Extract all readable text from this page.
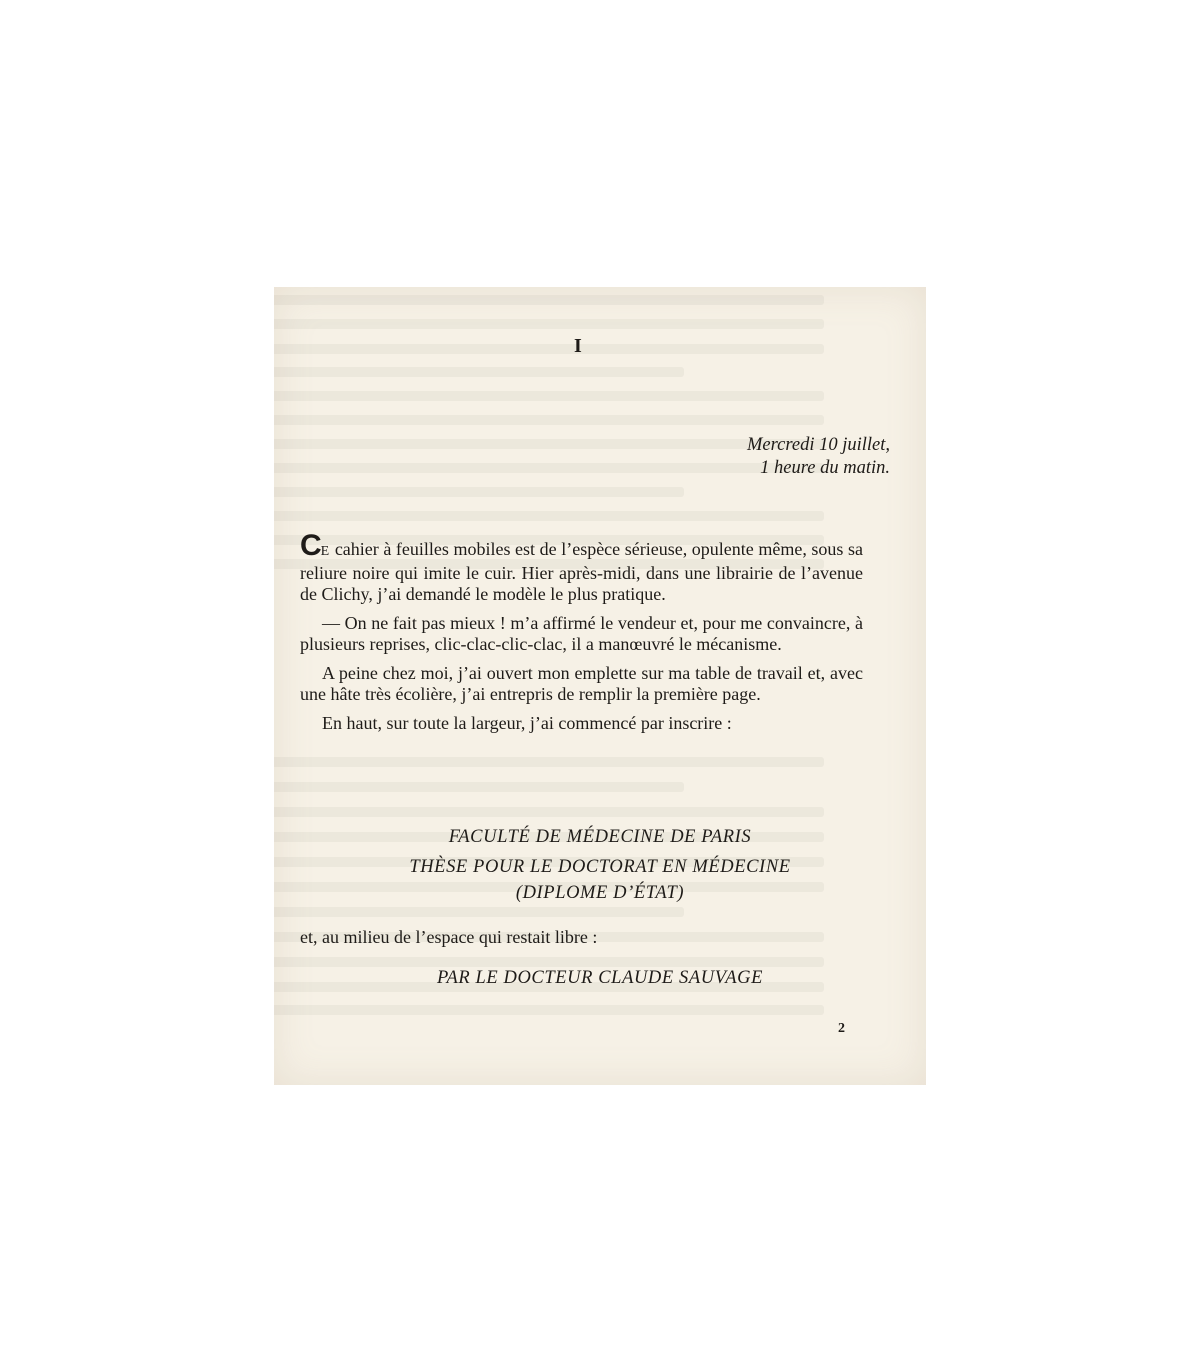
I
Mercredi 10 juillet,
1 heure du matin.

CE cahier à feuilles mobiles est de l’espèce sérieuse, opulente même, sous sa reliure noire qui imite le cuir. Hier après-midi, dans une librairie de l’avenue de Clichy, j’ai demandé le modèle le plus pratique.

— On ne fait pas mieux ! m’a affirmé le vendeur et, pour me convaincre, à plusieurs reprises, clic-clac-clic-clac, il a manœuvré le mécanisme.

A peine chez moi, j’ai ouvert mon emplette sur ma table de travail et, avec une hâte très écolière, j’ai entrepris de remplir la première page.

En haut, sur toute la largeur, j’ai commencé par inscrire :

FACULTÉ DE MÉDECINE DE PARIS
THÈSE POUR LE DOCTORAT EN MÉDECINE
(DIPLOME D’ÉTAT)
et, au milieu de l’espace qui restait libre :
PAR LE DOCTEUR CLAUDE SAUVAGE
2
